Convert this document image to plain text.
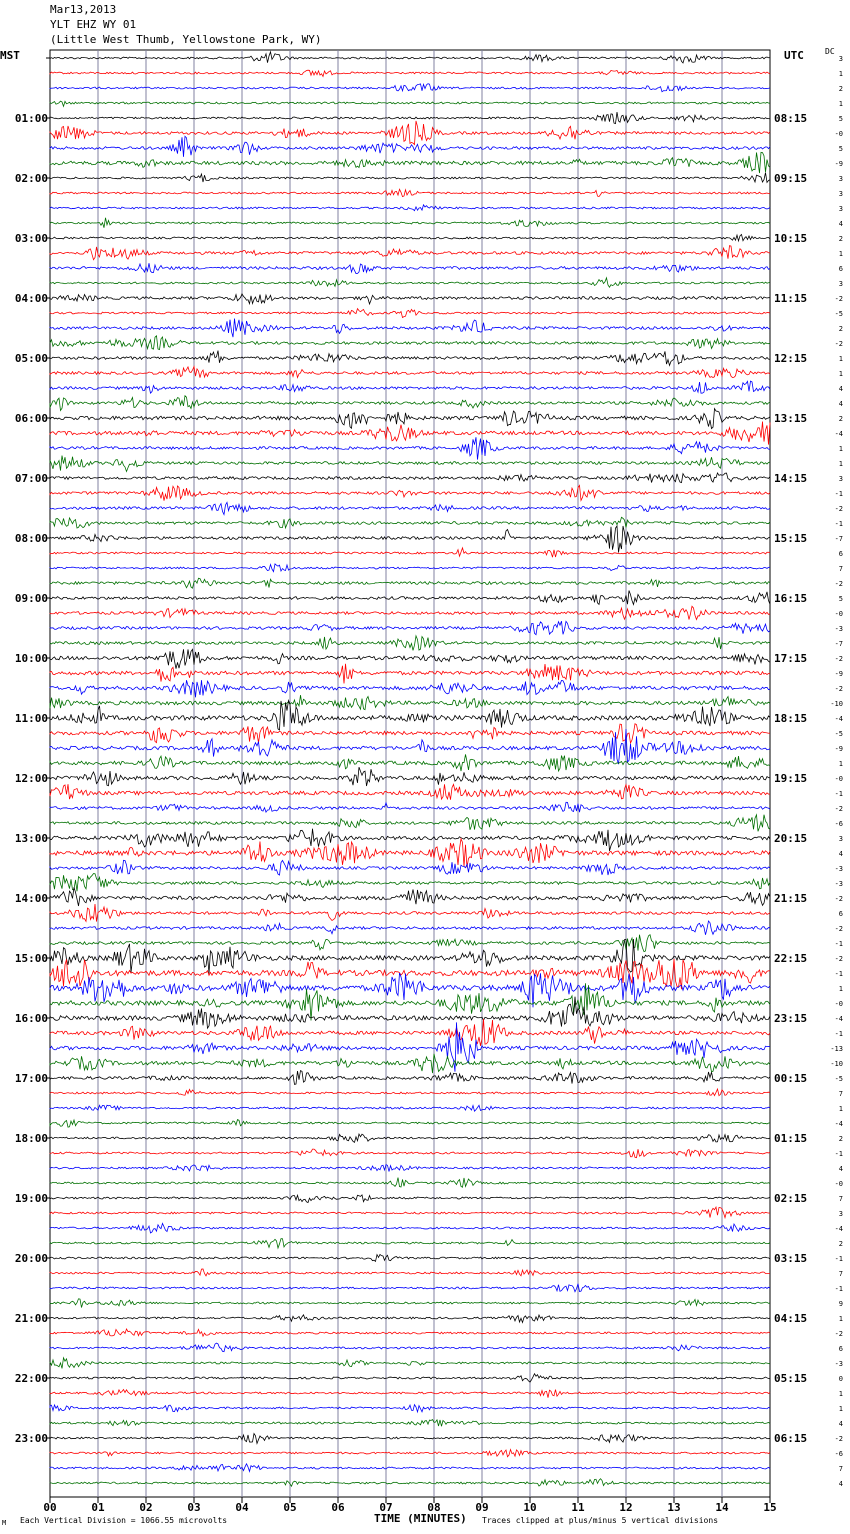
Mar13,2013
YLT EHZ WY 01
(Little West Thumb, Yellowstone Park, WY)
MST	UTC	DC
00	01	02	03	04	05	06	07	08	09	10	11	12	13	14	15
3
1
2
1
5
-0
5
-9
3
3
3
4
2
1
6
3
-2
-5
2
-2
1
1
4
4
2
-4
1
1
3
-1
-2
-1
-7
6
7
-2
5
-0
-3
-7
-2
-9
-2
-10
-4
-5
-9
1
-0
-1
-2
-6
3
4
-3
-3
-2
6
-2
-1
-2
-1
1
-0
-4
-1
-13
-10
-5
7
1
-4
2
-1
4
-0
7
3
-4
2
-1
7
-1
9
1
-2
6
-3
0
1
1
4
-2
-6
7
4
01:00
02:00
03:00
04:00
05:00
06:00
07:00
08:00
09:00
10:00
11:00
12:00
13:00
14:00
15:00
16:00
17:00
18:00
19:00
20:00
21:00
22:00
23:00
08:15
09:15
10:15
11:15
12:15
13:15
14:15
15:15
16:15
17:15
18:15
19:15
20:15
21:15
22:15
23:15
00:15
01:15
02:15
03:15
04:15
05:15
06:15
M Each Vertical Division = 1066.55 microvolts	TIME (MINUTES) Traces clipped at plus/minus 5 vertical divisions
